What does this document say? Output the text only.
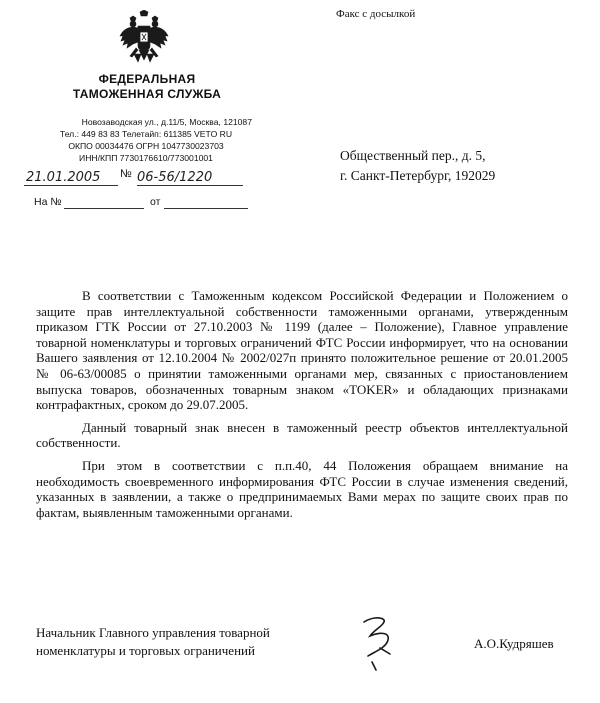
Факс с досылкой
ФЕДЕРАЛЬНАЯ
ТАМОЖЕННАЯ СЛУЖБА
Новозаводская ул., д.11/5, Москва, 121087
Тел.: 449 83 83 Телетайп: 611385 VETO RU
ОКПО 00034476 ОГРН 1047730023703
ИНН/КПП 7730176610/773001001
21.01.2005	№ 06-56/1220
На №	от
Общественный пер., д. 5,
г. Санкт-Петербург, 192029

В соответствии с Таможенным кодексом Российской Федерации и Положением о защите прав интеллектуальной собственности таможенными органами, утвержденным приказом ГТК России от 27.10.2003 № 1199 (далее – Положение), Главное управление товарной номенклатуры и торговых ограничений ФТС России информирует, что на основании Вашего заявления от 12.10.2004 № 2002/027п принято положительное решение от 20.01.2005 № 06-63/00085 о принятии таможенными органами мер, связанных с приостановлением выпуска товаров, обозначенных товарным знаком «TOKER» и обладающих признаками контрафактных, сроком до 29.07.2005.

Данный товарный знак внесен в таможенный реестр объектов интеллектуальной собственности.

При этом в соответствии с п.п.40, 44 Положения обращаем внимание на необходимость своевременного информирования ФТС России в случае изменения сведений, указанных в заявлении, а также о предпринимаемых Вами мерах по защите своих прав по фактам, выявленным таможенными органами.

Начальник Главного управления товарной
номенклатуры и торговых ограничений	А.О.Кудряшев
